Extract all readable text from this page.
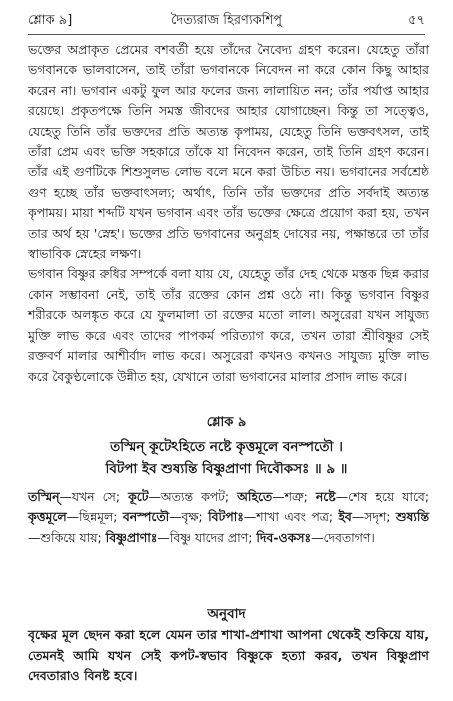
শ্লোক ৯]	দৈত্যরাজ হিরণ্যকশিপু	৫৭

ভক্তের অপ্রাকৃত প্রেমের বশবর্তী হয়ে তাঁদের নৈবেদ্য গ্রহণ করেন। যেহেতু তাঁরা ভগবানকে ভালবাসেন, তাই তাঁরা ভগবানকে নিবেদন না করে কোন কিছু আহার করেন না। ভগবান একটু ফুল আর ফলের জন্য লালায়িত নন; তাঁর পর্যাপ্ত আহার রয়েছে। প্রকৃতপক্ষে তিনি সমস্ত জীবদের আহার যোগাচ্ছেন। কিন্তু তা সত্ত্বেও, যেহেতু তিনি তাঁর ভক্তদের প্রতি অত্যন্ত কৃপাময়, যেহেতু তিনি ভক্তবৎসল, তাই তাঁরা প্রেম এবং ভক্তি সহকারে তাঁকে যা নিবেদন করেন, তাই তিনি গ্রহণ করেন। তাঁর এই গুণটিকে শিশুসুলভ লোভ বলে মনে করা উচিত নয়। ভগবানের সর্বশ্রেষ্ঠ গুণ হচ্ছে তাঁর ভক্তবাৎসল্য; অর্থাৎ, তিনি তাঁর ভক্তদের প্রতি সর্বদাই অত্যন্ত কৃপাময়। মায়া শব্দটি যখন ভগবান এবং তাঁর ভক্তের ক্ষেত্রে প্রয়োগ করা হয়, তখন তার অর্থ হয় 'স্নেহ'। ভক্তের প্রতি ভগবানের অনুগ্রহ দোষের নয়, পক্ষান্তরে তা তাঁর স্বাভাবিক স্নেহের লক্ষণ।

ভগবান বিষ্ণুর রুধির সম্পর্কে বলা যায় যে, যেহেতু তাঁর দেহ থেকে মস্তক ছিন্ন করার কোন সম্ভাবনা নেই, তাই তাঁর রক্তের কোন প্রশ্ন ওঠে না। কিন্তু ভগবান বিষ্ণুর শরীরকে অলঙ্কৃত করে যে ফুলমালা তা রক্তের মতো লাল। অসুরেরা যখন সাযুজ্য মুক্তি লাভ করে এবং তাদের পাপকর্ম পরিত্যাগ করে, তখন তারা শ্রীবিষ্ণুর সেই রক্তবর্ণ মালার আশীর্বাদ লাভ করে। অসুরেরা কখনও কখনও সাযুজ্য মুক্তি লাভ করে বৈকুণ্ঠলোকে উন্নীত হয়, যেখানে তারা ভগবানের মালার প্রসাদ লাভ করে।

শ্লোক ৯
তস্মিন্ কূটেঽহিতে নষ্টে কৃত্তমূলে বনস্পতৌ ।
বিটপা ইব শুষ্যন্তি বিষ্ণুপ্রাণা দিবৌকসঃ ॥ ৯ ॥

তস্মিন্—যখন সে; কূটে—অত্যন্ত কপট; অহিতে—শত্রু; নষ্টে—শেষ হয়ে যাবে; কৃত্তমূলে—ছিন্নমূল; বনস্পতৌ—বৃক্ষ; বিটপাঃ—শাখা এবং পত্র; ইব—সদৃশ; শুষ্যন্তি—শুকিয়ে যায়; বিষ্ণুপ্রাণাঃ—বিষ্ণু যাদের প্রাণ; দিব-ওকসঃ—দেবতাগণ।

অনুবাদ

বৃক্ষের মূল ছেদন করা হলে যেমন তার শাখা-প্রশাখা আপনা থেকেই শুকিয়ে যায়, তেমনই আমি যখন সেই কপট-স্বভাব বিষ্ণুকে হত্যা করব, তখন বিষ্ণুপ্রাণ দেবতারাও বিনষ্ট হবে।
